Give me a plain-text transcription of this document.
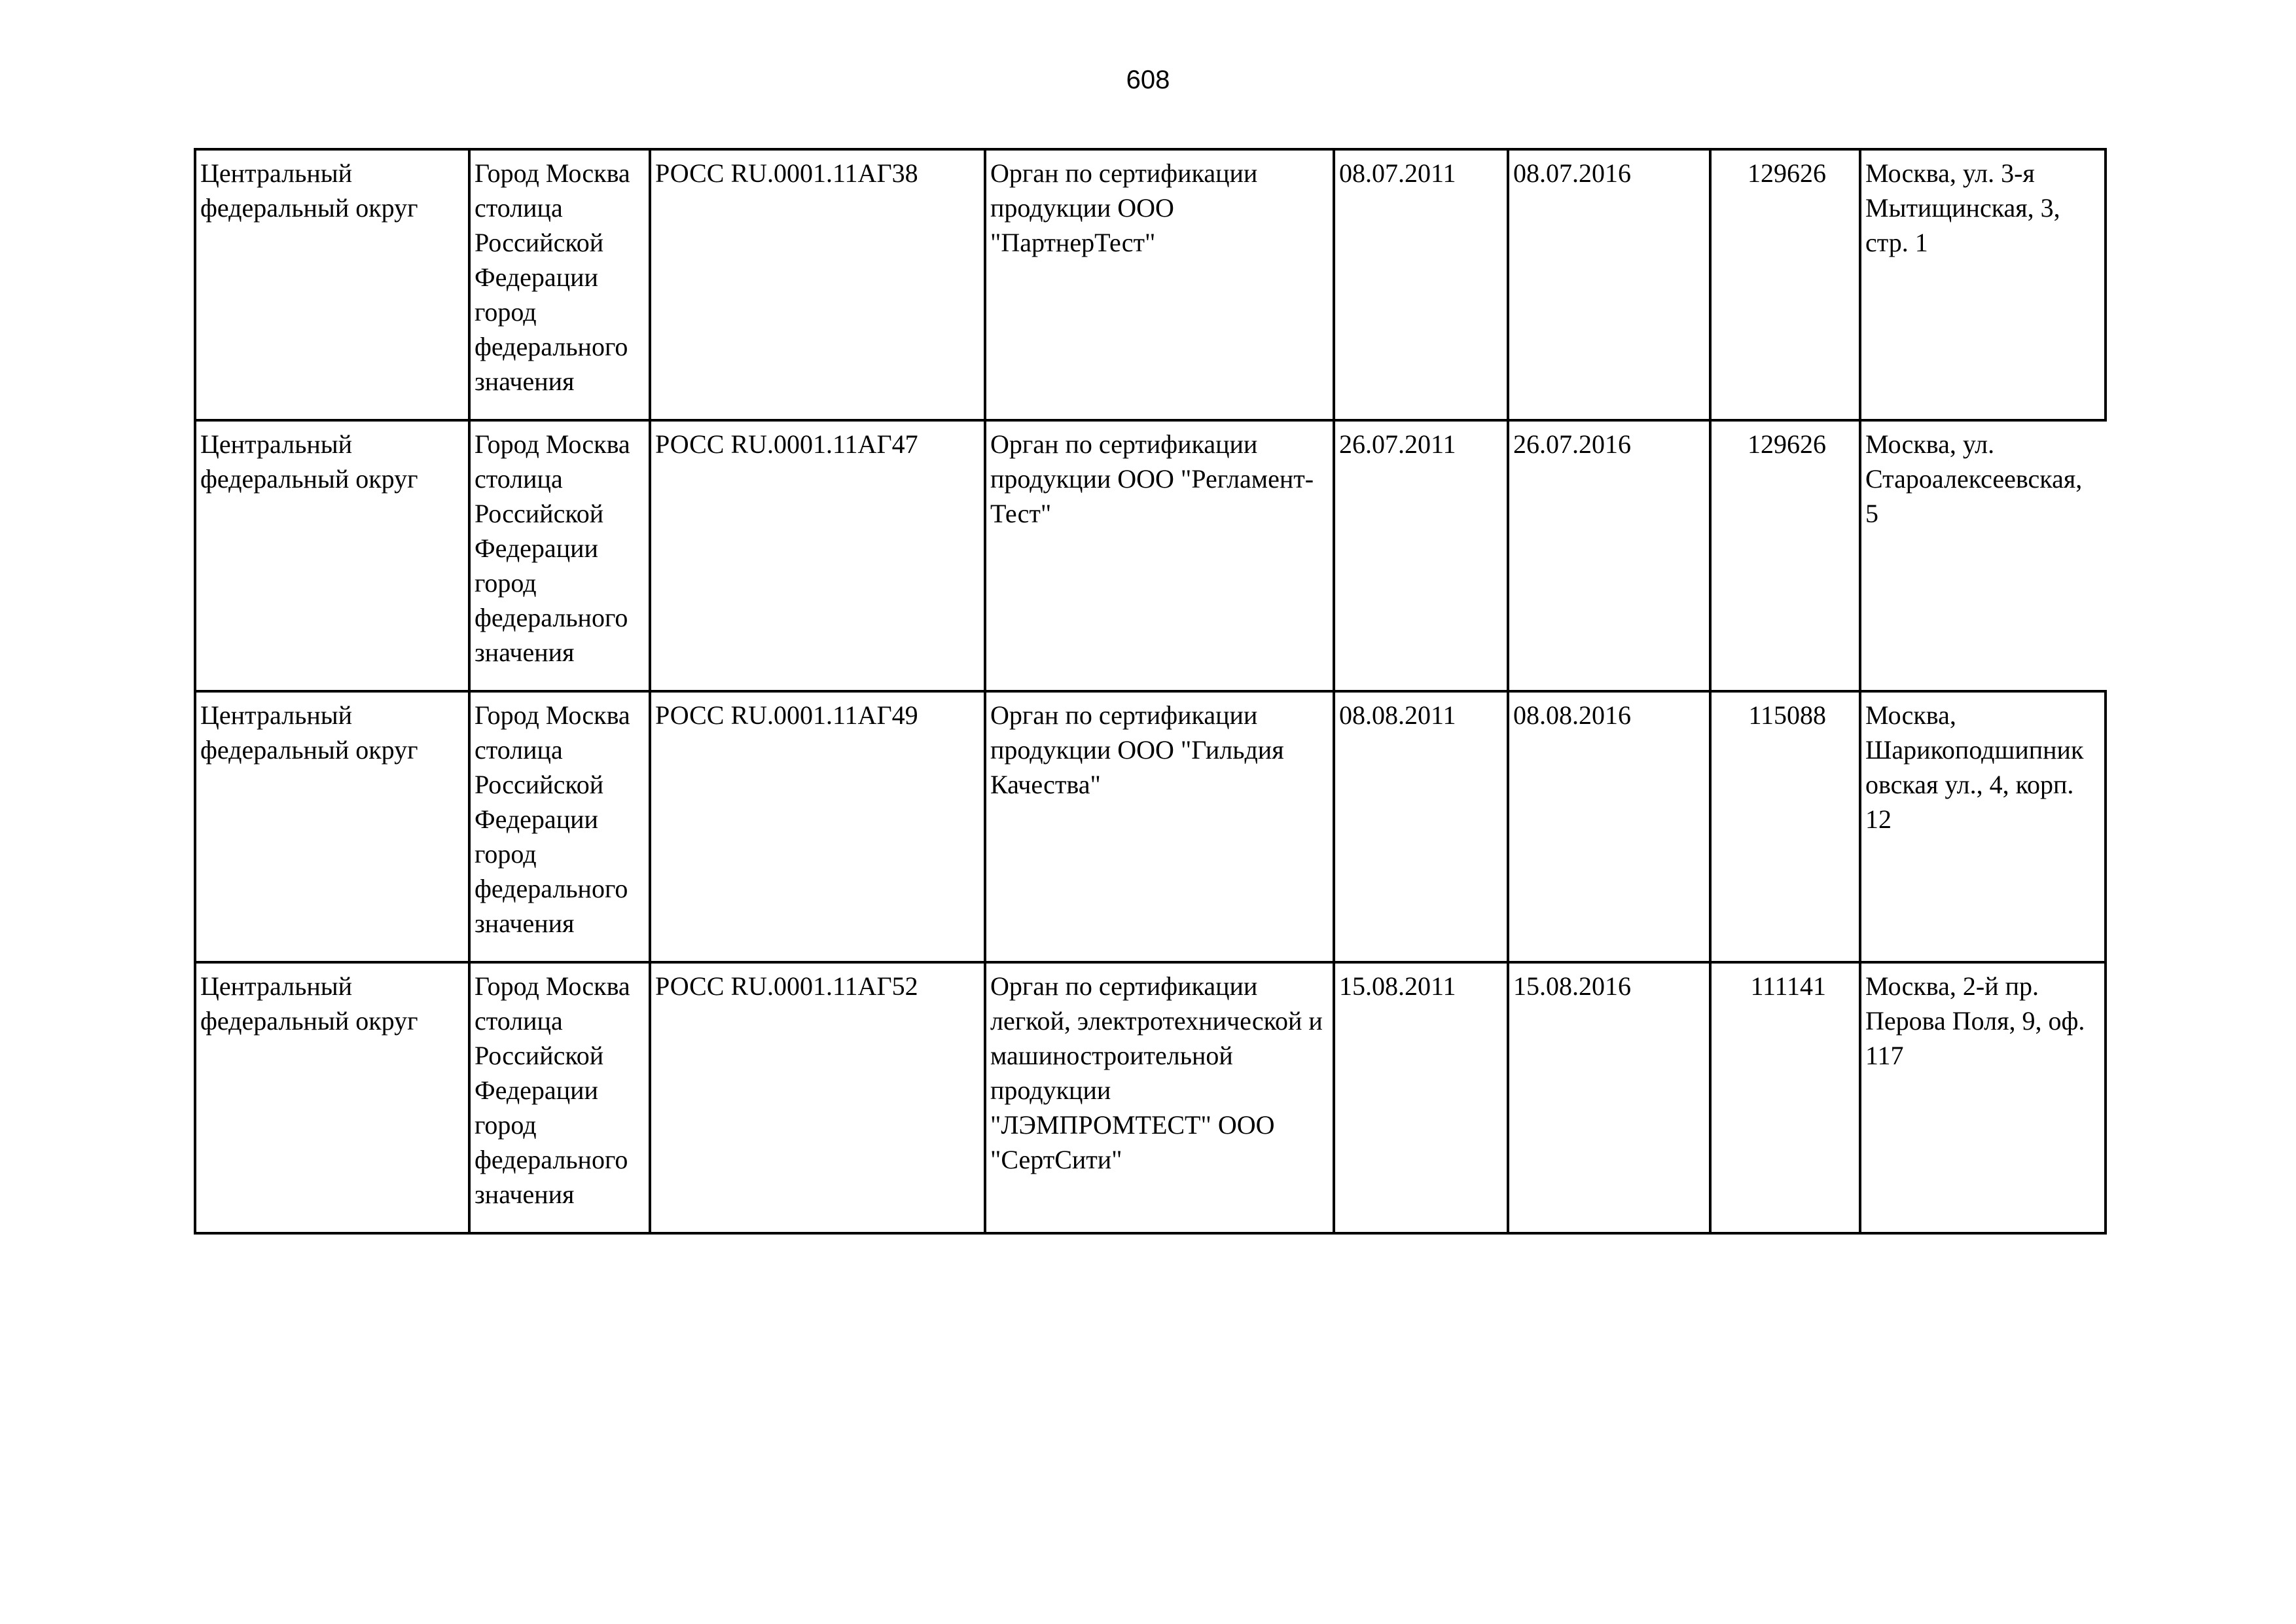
608
Центральный федеральный округ	Город Москва столица Российской Федерации город федерального значения	РОСС RU.0001.11АГ38	Орган по сертификации продукции ООО "ПартнерТест"	08.07.2011	08.07.2016	129626	Москва, ул. 3-я Мытищинская, 3, стр. 1

Центральный федеральный округ	Город Москва столица Российской Федерации город федерального значения	РОСС RU.0001.11АГ47	Орган по сертификации продукции ООО "Регламент-Тест"	26.07.2011	26.07.2016	129626	Москва, ул. Староалексеевская, 5

Центральный федеральный округ	Город Москва столица Российской Федерации город федерального значения	РОСС RU.0001.11АГ49	Орган по сертификации продукции ООО "Гильдия Качества"	08.08.2011	08.08.2016	115088	Москва, Шарикоподшипник овская ул., 4, корп. 12

Центральный федеральный округ	Город Москва столица Российской Федерации город федерального значения	РОСС RU.0001.11АГ52	Орган по сертификации легкой, электротехнической и машиностроительной продукции "ЛЭМПРОМТЕСТ" ООО "СертСити"	15.08.2011	15.08.2016	111141	Москва, 2-й пр. Перова Поля, 9, оф. 117
